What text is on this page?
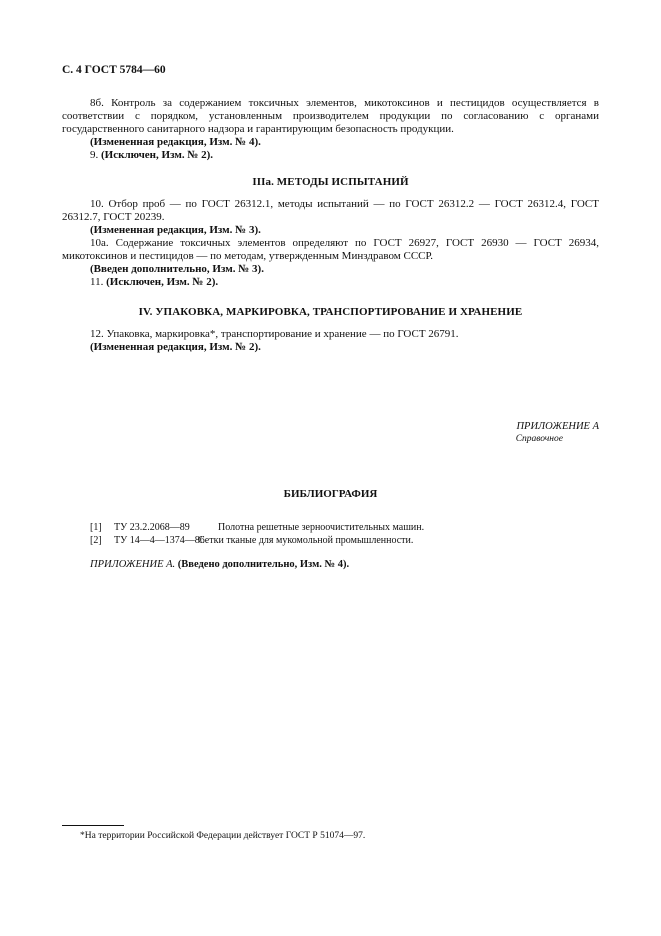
С. 4 ГОСТ 5784—60

8б. Контроль за содержанием токсичных элементов, микотоксинов и пестицидов осуществляется в соответствии с порядком, установленным производителем продукции по согласованию с органами государственного санитарного надзора и гарантирующим безопасность продукции.

(Измененная редакция, Изм. № 4).

9. (Исключен, Изм. № 2).

IIIа. МЕТОДЫ ИСПЫТАНИЙ

10. Отбор проб — по ГОСТ 26312.1, методы испытаний — по ГОСТ 26312.2 — ГОСТ 26312.4, ГОСТ 26312.7, ГОСТ 20239.

(Измененная редакция, Изм. № 3).

10а. Содержание токсичных элементов определяют по ГОСТ 26927, ГОСТ 26930 — ГОСТ 26934, микотоксинов и пестицидов — по методам, утвержденным Минздравом СССР.

(Введен дополнительно, Изм. № 3).

11. (Исключен, Изм. № 2).

IV. УПАКОВКА, МАРКИРОВКА, ТРАНСПОРТИРОВАНИЕ И ХРАНЕНИЕ

12. Упаковка, маркировка*, транспортирование и хранение — по ГОСТ 26791.

(Измененная редакция, Изм. № 2).

ПРИЛОЖЕНИЕ А
Справочное
БИБЛИОГРАФИЯ
[1] ТУ 23.2.2068—89	Полотна решетные зерноочистительных машин.
[2] ТУ 14—4—1374—86Сетки тканые для мукомольной промышленности.
ПРИЛОЖЕНИЕ А. (Введено дополнительно, Изм. № 4).
*На территории Российской Федерации действует ГОСТ Р 51074—97.
